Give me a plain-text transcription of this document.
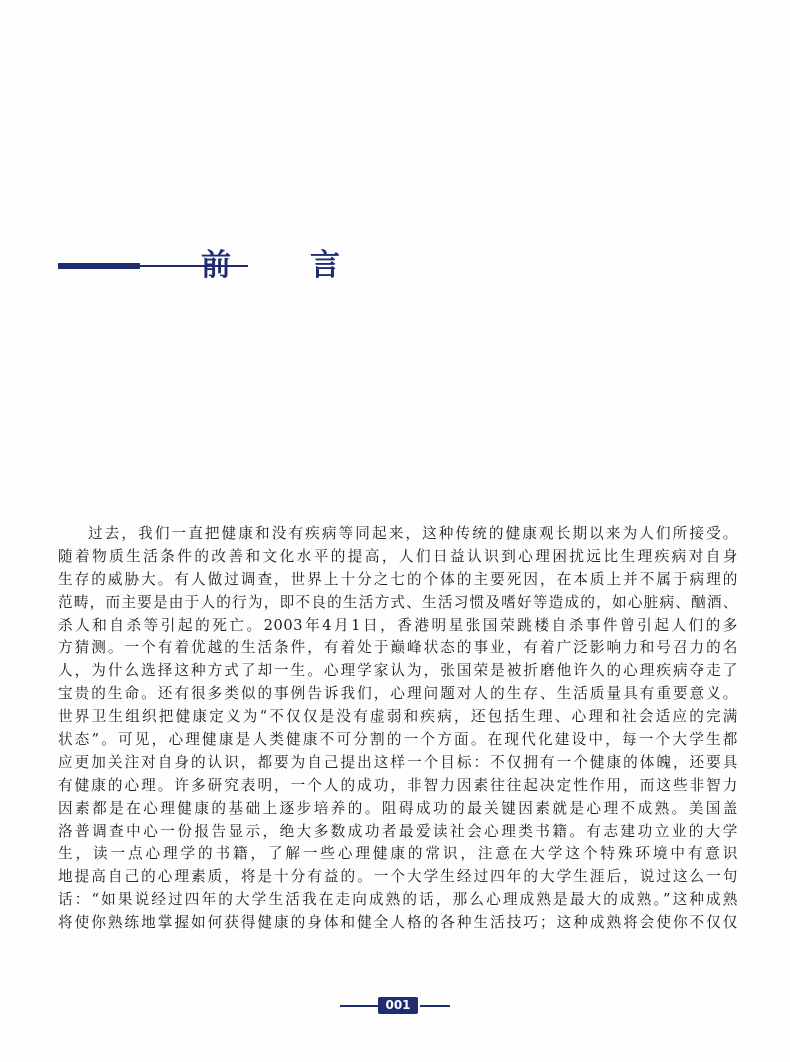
前	言
过去，我们一直把健康和没有疾病等同起来，这种传统的健康观长期以来为人们所接受。
随着物质生活条件的改善和文化水平的提高，人们日益认识到心理困扰远比生理疾病对自身
生存的威胁大。有人做过调查，世界上十分之七的个体的主要死因，在本质上并不属于病理的
范畴，而主要是由于人的行为，即不良的生活方式、生活习惯及嗜好等造成的，如心脏病、酗酒、
杀人和自杀等引起的死亡。2003年4月1日，香港明星张国荣跳楼自杀事件曾引起人们的多
方猜测。一个有着优越的生活条件，有着处于巅峰状态的事业，有着广泛影响力和号召力的名
人，为什么选择这种方式了却一生。心理学家认为，张国荣是被折磨他许久的心理疾病夺走了
宝贵的生命。还有很多类似的事例告诉我们，心理问题对人的生存、生活质量具有重要意义。
世界卫生组织把健康定义为“不仅仅是没有虚弱和疾病，还包括生理、心理和社会适应的完满
状态”。可见，心理健康是人类健康不可分割的一个方面。在现代化建设中，每一个大学生都
应更加关注对自身的认识，都要为自己提出这样一个目标：不仅拥有一个健康的体魄，还要具
有健康的心理。许多研究表明，一个人的成功，非智力因素往往起决定性作用，而这些非智力
因素都是在心理健康的基础上逐步培养的。阻碍成功的最关键因素就是心理不成熟。美国盖
洛普调查中心一份报告显示，绝大多数成功者最爱读社会心理类书籍。有志建功立业的大学
生，读一点心理学的书籍，了解一些心理健康的常识，注意在大学这个特殊环境中有意识
地提高自己的心理素质，将是十分有益的。一个大学生经过四年的大学生涯后，说过这么一句
话：“如果说经过四年的大学生活我在走向成熟的话，那么心理成熟是最大的成熟。”这种成熟
将使你熟练地掌握如何获得健康的身体和健全人格的各种生活技巧；这种成熟将会使你不仅仅
001
